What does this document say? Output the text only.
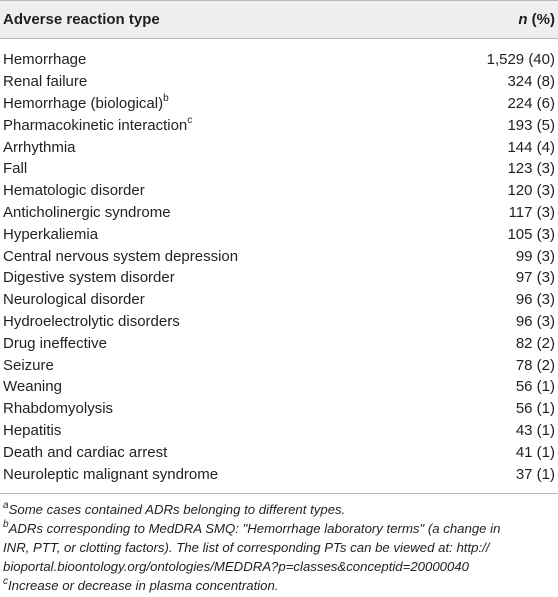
Adverse reaction type	n (%)
Hemorrhage	1,529 (40)
Renal failure	324 (8)
Hemorrhage (biological)$^b$	224 (6)
Pharmacokinetic interaction$^c$	193 (5)
Arrhythmia	144 (4)
Fall	123 (3)
Hematologic disorder	120 (3)
Anticholinergic syndrome	117 (3)
Hyperkaliemia	105 (3)
Central nervous system depression	99 (3)
Digestive system disorder	97 (3)
Neurological disorder	96 (3)
Hydroelectrolytic disorders	96 (3)
Drug ineffective	82 (2)
Seizure	78 (2)
Weaning	56 (1)
Rhabdomyolysis	56 (1)
Hepatitis	43 (1)
Death and cardiac arrest	41 (1)
Neuroleptic malignant syndrome	37 (1)

$^a$Some cases contained ADRs belonging to different types.

$^b$ADRs corresponding to MedDRA SMQ: "Hemorrhage laboratory terms" (a change in
INR, PTT, or clotting factors). The list of corresponding PTs can be viewed at: http://
bioportal.bioontology.org/ontologies/MEDDRA?p=classes&conceptid=20000040

$^c$Increase or decrease in plasma concentration.
